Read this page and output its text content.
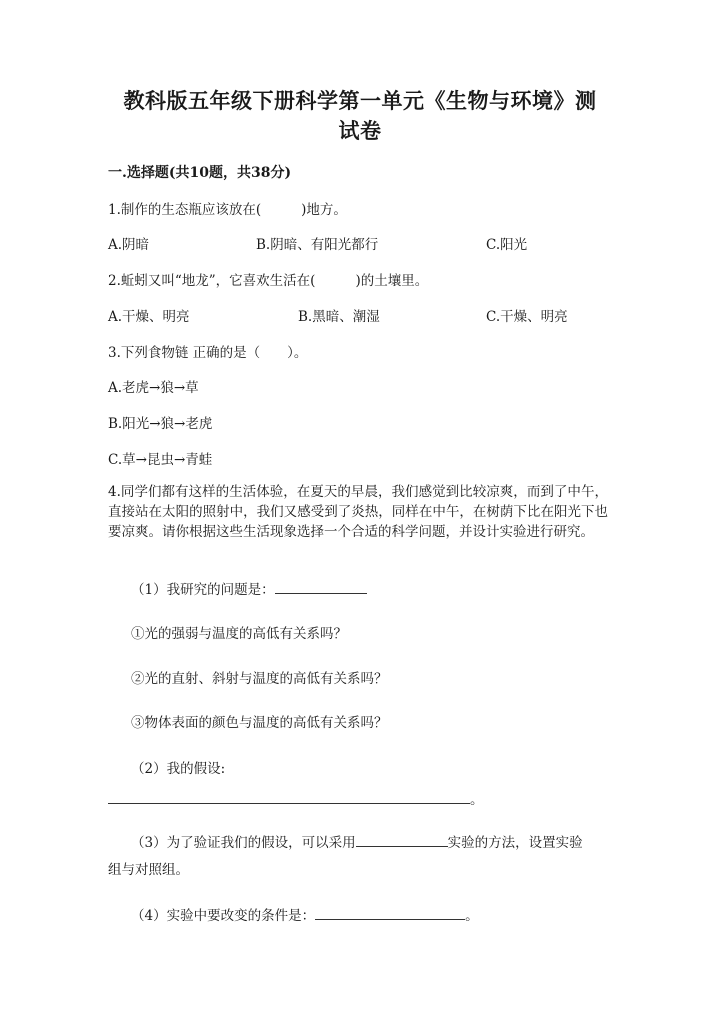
教科版五年级下册科学第一单元《生物与环境》测
试卷
一.选择题(共10题，共38分)
1.制作的生态瓶应该放在(	)地方。
A.阴暗	B.阴暗、有阳光都行	C.阳光
2.蚯蚓又叫“地龙”，它喜欢生活在(	)的土壤里。
A.干燥、明亮	B.黑暗、潮湿	C.干燥、明亮
3.下列食物链 正确的是（　　）。
A.老虎→狼→草
B.阳光→狼→老虎
C.草→昆虫→青蛙
4.同学们都有这样的生活体验，在夏天的早晨，我们感觉到比较凉爽，而到了中午，直接站在太阳的照射中，我们又感受到了炎热，同样在中午，在树荫下比在阳光下也要凉爽。请你根据这些生活现象选择一个合适的科学问题，并设计实验进行研究。
（1）我研究的问题是：
①光的强弱与温度的高低有关系吗？
②光的直射、斜射与温度的高低有关系吗？
③物体表面的颜色与温度的高低有关系吗？
（2）我的假设:
。
（3）为了验证我们的假设，可以采用	实验的方法，设置实验
组与对照组。
（4）实验中要改变的条件是：	。
